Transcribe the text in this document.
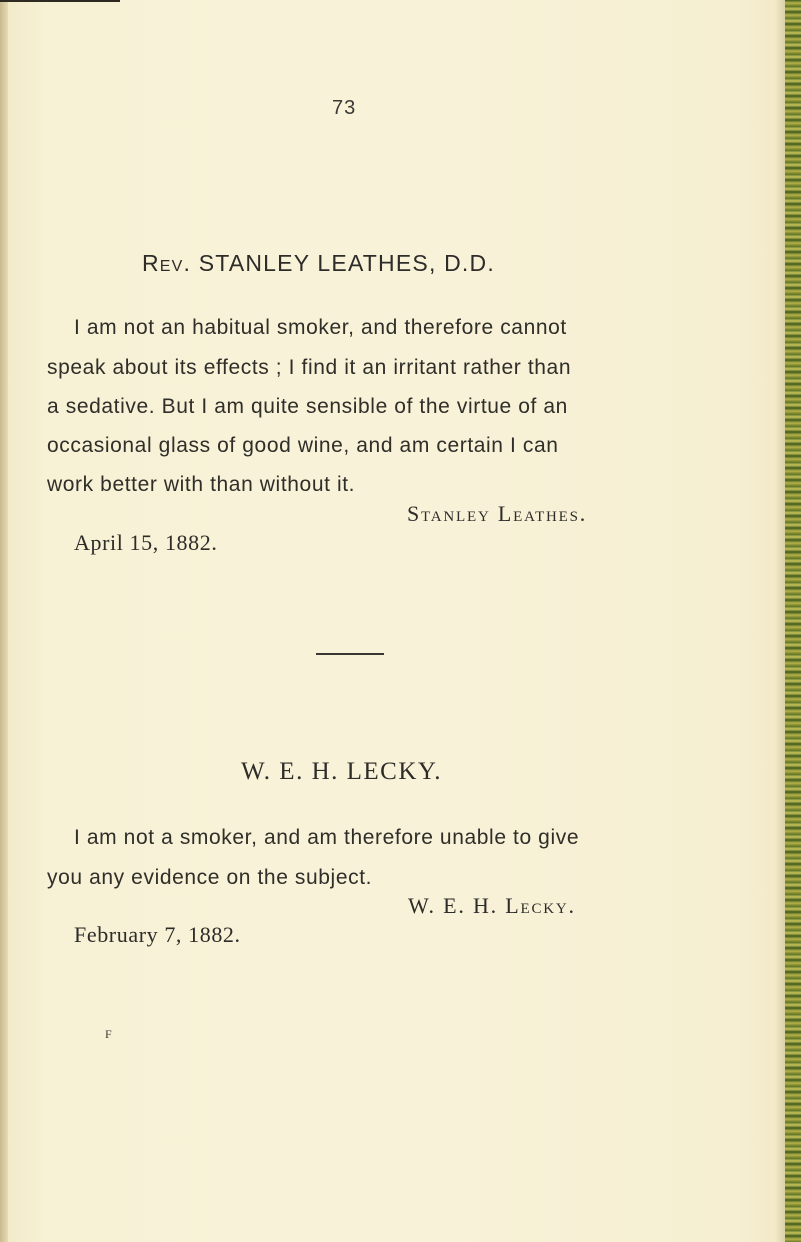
73
Rev. STANLEY LEATHES, D.D.
I am not an habitual smoker, and therefore cannot
speak about its effects ; I find it an irritant rather than
a sedative. But I am quite sensible of the virtue of an
occasional glass of good wine, and am certain I can
work better with than without it.
Stanley Leathes.
April 15, 1882.
W. E. H. LECKY.
I am not a smoker, and am therefore unable to give
you any evidence on the subject.
W. E. H. Lecky.
February 7, 1882.
F
